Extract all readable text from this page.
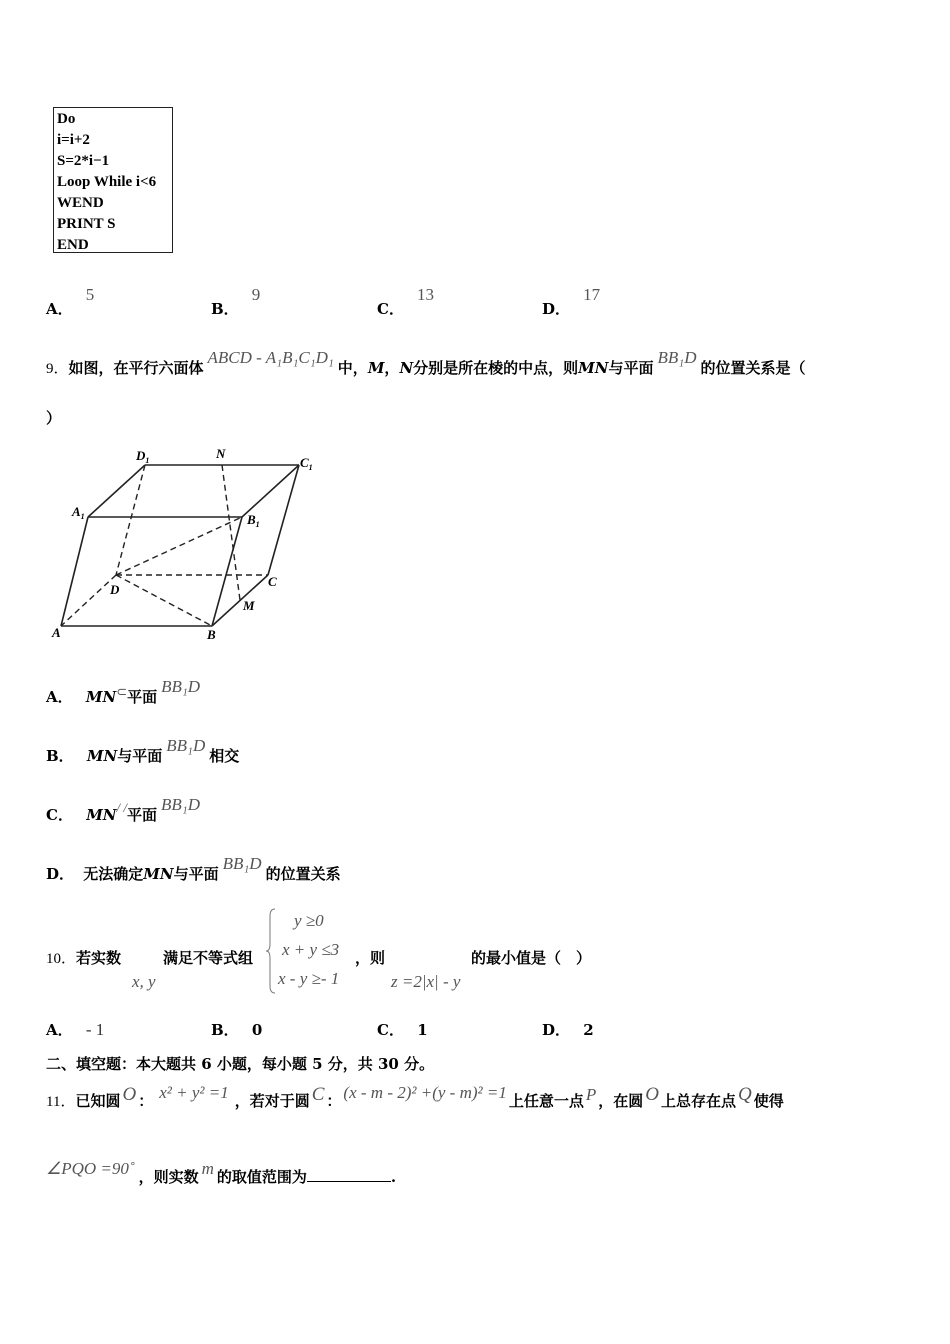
Do
i=i+2
S=2*i−1
Loop While i<6
WEND
PRINT S
END
A． 5
B． 9
C． 13
D． 17
9．如图，在平行六面体ABCD - A₁B₁C₁D₁中，M，N分别是所在棱的中点，则MN与平面BB₁D的位置关系是（
）
$D_1$	N
$C_1$
$A_1$	$B_1$
D
C
M
A	B
A． MN⊂平面BB₁D
B． MN与平面BB₁D相交
C． MN/ /平面BB₁D
D． 无法确定MN与平面BB₁D的位置关系
10．若实数
x, y
满足不等式组
y ≥0
x + y ≤3
x - y ≥- 1
，则
z =2|x| - y
的最小值是（　）
A． - 1	B． 0	C． 1	D． 2
二、填空题：本大题共 6 小题，每小题 5 分，共 30 分。
11．已知圆 O ： x² + y² =1 ，若对于圆 C ： (x - m - 2)² +(y - m)² =1 上任意一点 P ，在圆 O 上总存在点 Q 使得
∠PQO =90˚ ，则实数 m 的取值范围为	.
